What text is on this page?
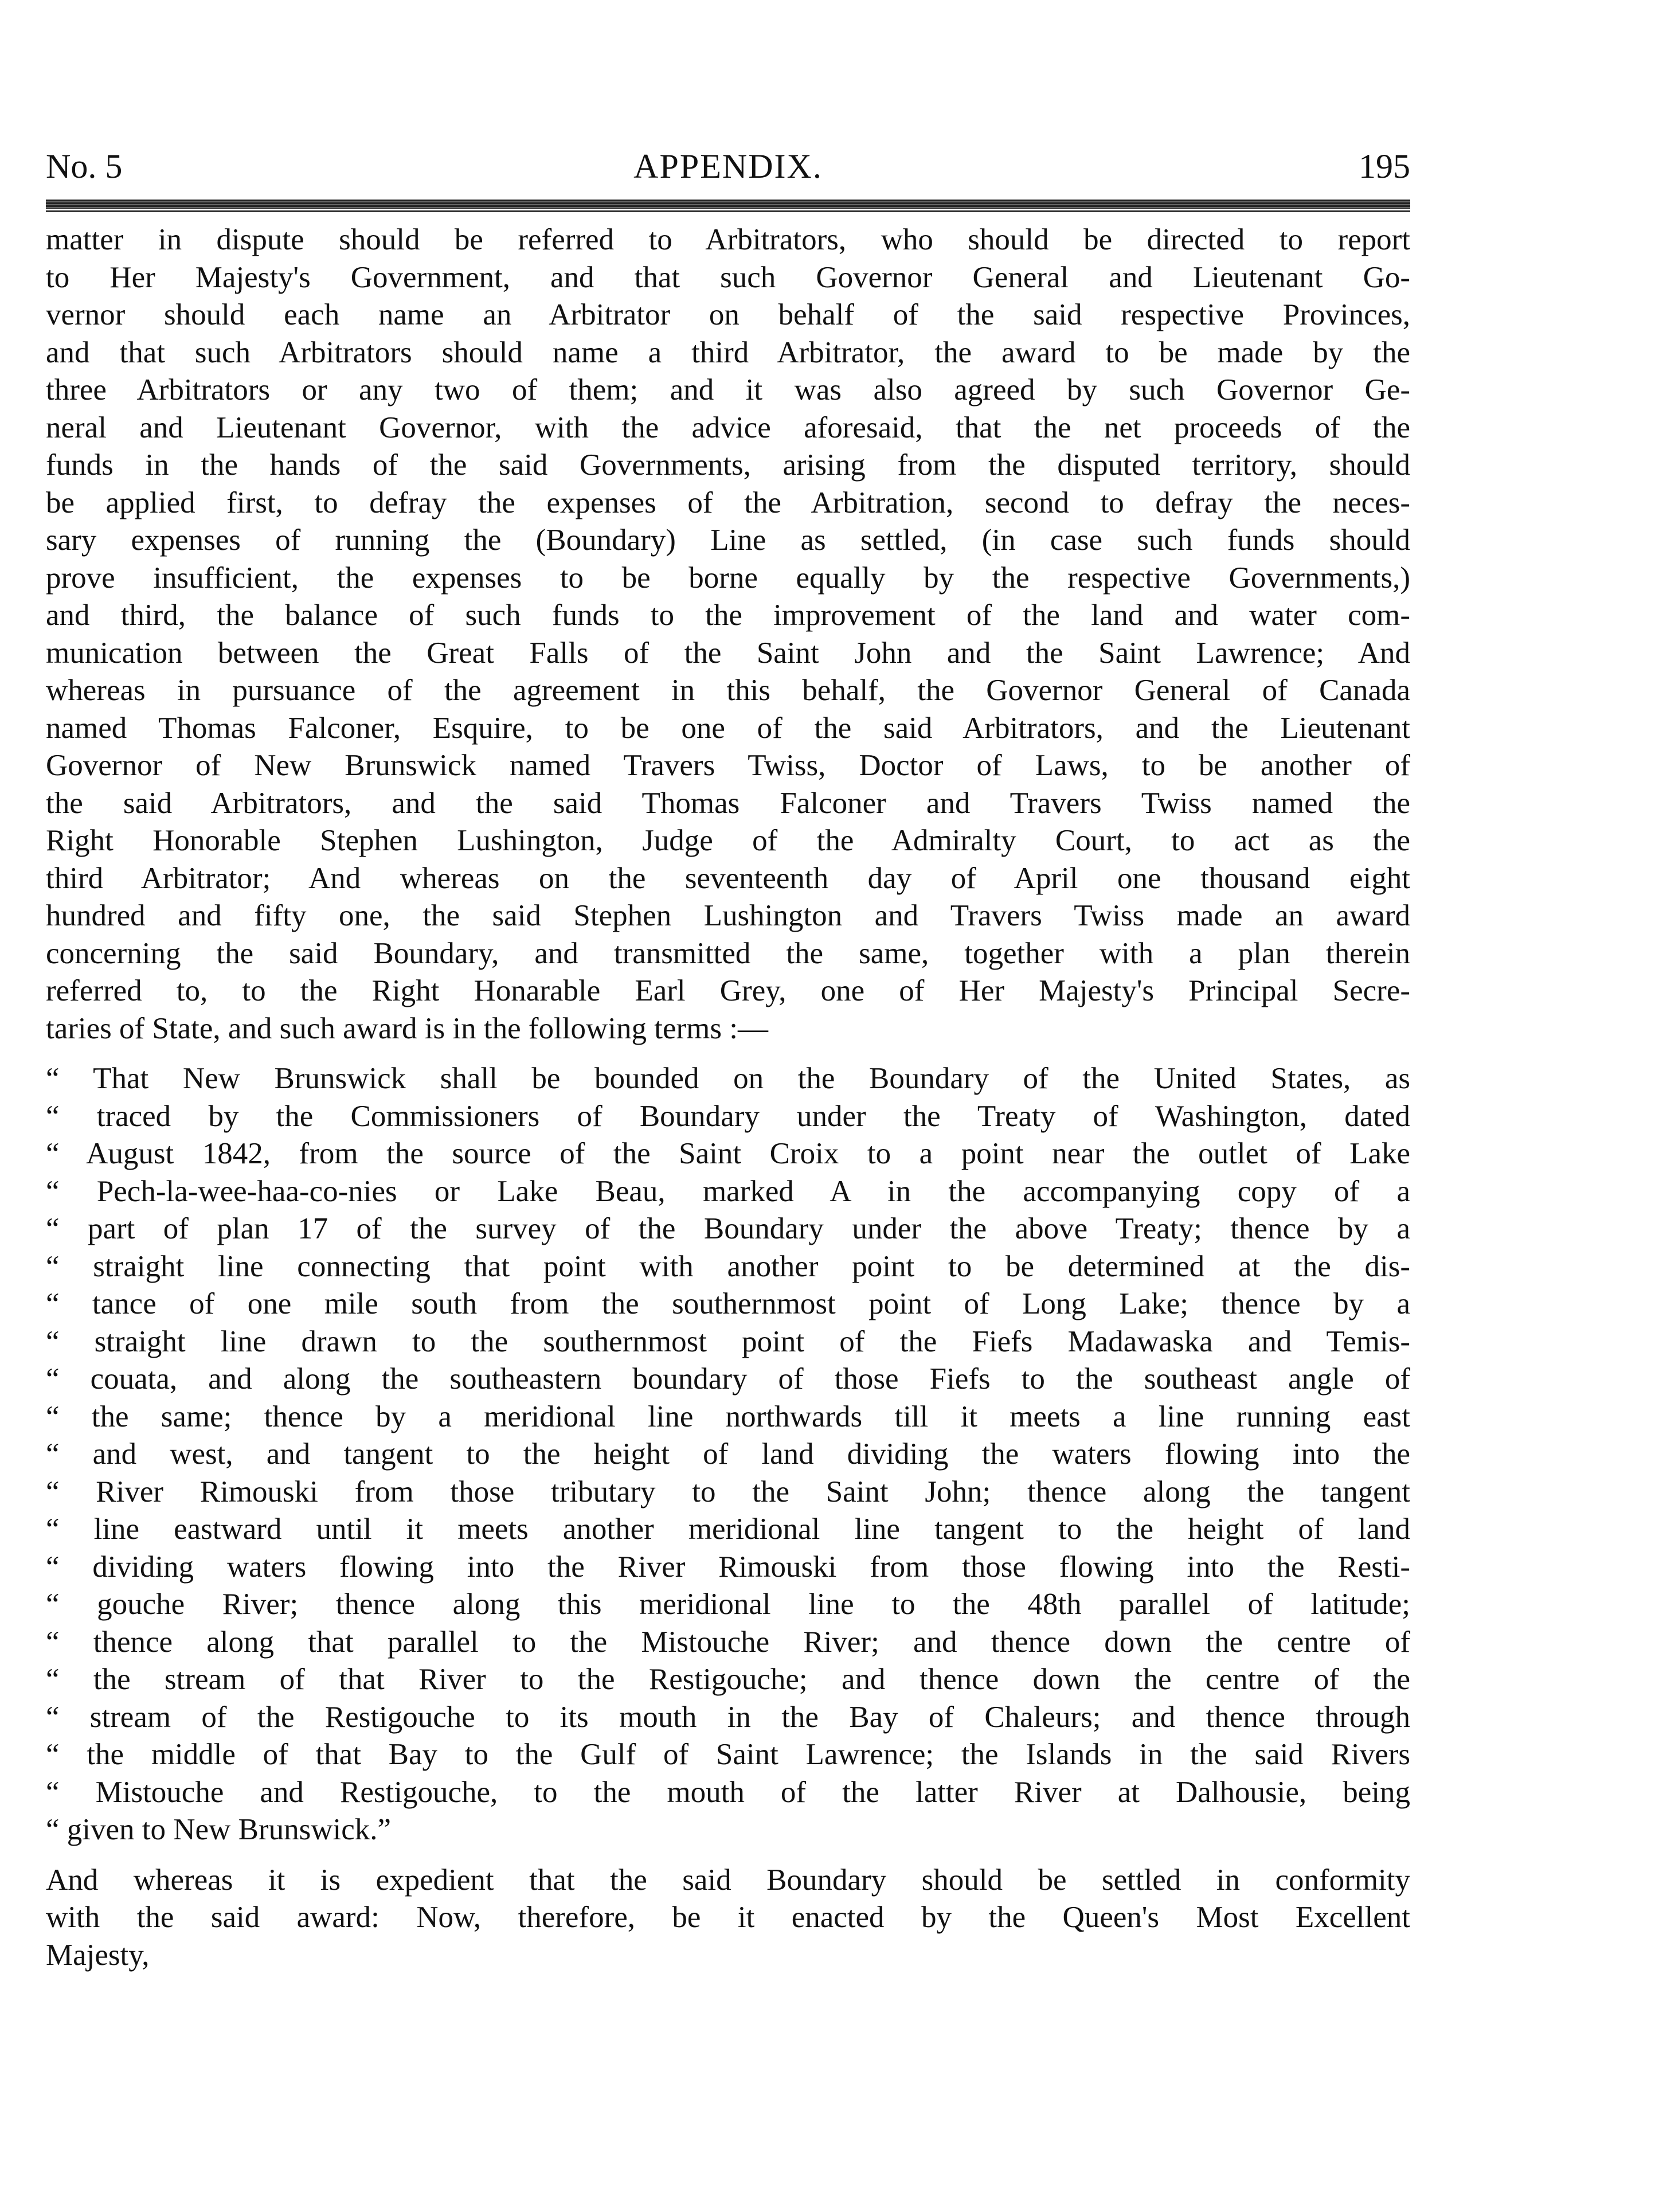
No. 5	APPENDIX.	195
matter in dispute should be referred to Arbitrators, who should be directed to report
to Her Majesty's Government, and that such Governor General and Lieutenant Go-
vernor should each name an Arbitrator on behalf of the said respective Provinces,
and that such Arbitrators should name a third Arbitrator, the award to be made by the
three Arbitrators or any two of them; and it was also agreed by such Governor Ge-
neral and Lieutenant Governor, with the advice aforesaid, that the net proceeds of the
funds in the hands of the said Governments, arising from the disputed territory, should
be applied first, to defray the expenses of the Arbitration, second to defray the neces-
sary expenses of running the (Boundary) Line as settled, (in case such funds should
prove insufficient, the expenses to be borne equally by the respective Governments,)
and third, the balance of such funds to the improvement of the land and water com-
munication between the Great Falls of the Saint John and the Saint Lawrence; And
whereas in pursuance of the agreement in this behalf, the Governor General of Canada
named Thomas Falconer, Esquire, to be one of the said Arbitrators, and the Lieutenant
Governor of New Brunswick named Travers Twiss, Doctor of Laws, to be another of
the said Arbitrators, and the said Thomas Falconer and Travers Twiss named the
Right Honorable Stephen Lushington, Judge of the Admiralty Court, to act as the
third Arbitrator; And whereas on the seventeenth day of April one thousand eight
hundred and fifty one, the said Stephen Lushington and Travers Twiss made an award
concerning the said Boundary, and transmitted the same, together with a plan therein
referred to, to the Right Honarable Earl Grey, one of Her Majesty's Principal Secre-
taries of State, and such award is in the following terms :—
“ That New Brunswick shall be bounded on the Boundary of the United States, as
“ traced by the Commissioners of Boundary under the Treaty of Washington, dated
“ August 1842, from the source of the Saint Croix to a point near the outlet of Lake
“ Pech-la-wee-haa-co-nies or Lake Beau, marked A in the accompanying copy of a
“ part of plan 17 of the survey of the Boundary under the above Treaty; thence by a
“ straight line connecting that point with another point to be determined at the dis-
“ tance of one mile south from the southernmost point of Long Lake; thence by a
“ straight line drawn to the southernmost point of the Fiefs Madawaska and Temis-
“ couata, and along the southeastern boundary of those Fiefs to the southeast angle of
“ the same; thence by a meridional line northwards till it meets a line running east
“ and west, and tangent to the height of land dividing the waters flowing into the
“ River Rimouski from those tributary to the Saint John; thence along the tangent
“ line eastward until it meets another meridional line tangent to the height of land
“ dividing waters flowing into the River Rimouski from those flowing into the Resti-
“ gouche River; thence along this meridional line to the 48th parallel of latitude;
“ thence along that parallel to the Mistouche River; and thence down the centre of
“ the stream of that River to the Restigouche; and thence down the centre of the
“ stream of the Restigouche to its mouth in the Bay of Chaleurs; and thence through
“ the middle of that Bay to the Gulf of Saint Lawrence; the Islands in the said Rivers
“ Mistouche and Restigouche, to the mouth of the latter River at Dalhousie, being
“ given to New Brunswick.”
And whereas it is expedient that the said Boundary should be settled in conformity
with the said award: Now, therefore, be it enacted by the Queen's Most Excellent
Majesty,
